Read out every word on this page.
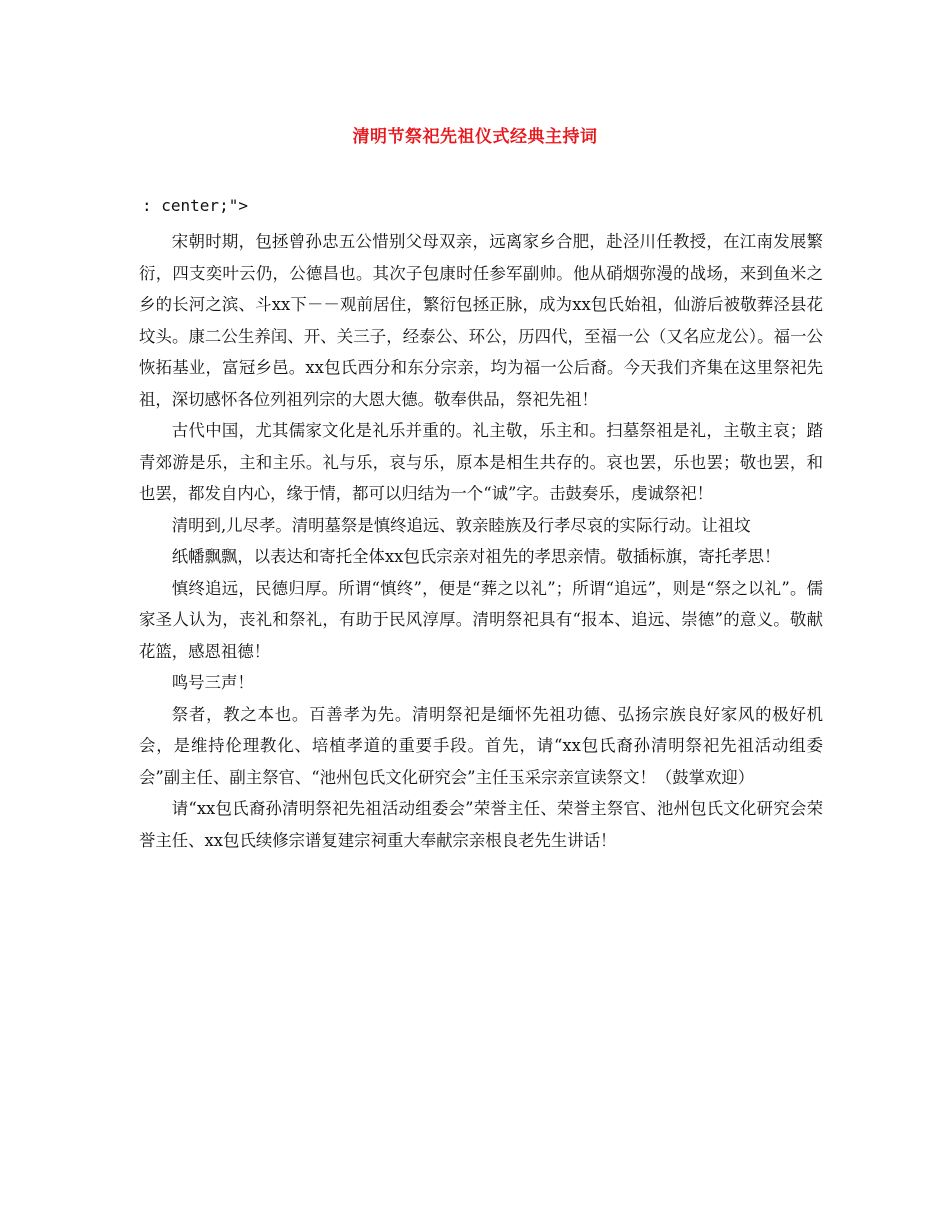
清明节祭祀先祖仪式经典主持词
: center;">

宋朝时期，包拯曾孙忠五公惜别父母双亲，远离家乡合肥，赴泾川任教授，在江南发展繁衍，四支奕叶云仍，公德昌也。其次子包康时任参军副帅。他从硝烟弥漫的战场，来到鱼米之乡的长河之滨、斗xx下－－观前居住，繁衍包拯正脉，成为xx包氏始祖，仙游后被敬葬泾县花坟头。康二公生养闰、开、关三子，经泰公、环公，历四代，至福一公（又名应龙公）。福一公恢拓基业，富冠乡邑。xx包氏西分和东分宗亲，均为福一公后裔。今天我们齐集在这里祭祀先祖，深切感怀各位列祖列宗的大恩大德。敬奉供品，祭祀先祖！

古代中国，尤其儒家文化是礼乐并重的。礼主敬，乐主和。扫墓祭祖是礼，主敬主哀；踏青郊游是乐，主和主乐。礼与乐，哀与乐，原本是相生共存的。哀也罢，乐也罢；敬也罢，和也罢，都发自内心，缘于情，都可以归结为一个“诚”字。击鼓奏乐，虔诚祭祀！

清明到,儿尽孝。清明墓祭是慎终追远、敦亲睦族及行孝尽哀的实际行动。让祖坟

纸幡飘飘，以表达和寄托全体xx包氏宗亲对祖先的孝思亲情。敬插标旗，寄托孝思！

慎终追远，民德归厚。所谓“慎终”，便是“葬之以礼”；所谓“追远”，则是“祭之以礼”。儒家圣人认为，丧礼和祭礼，有助于民风淳厚。清明祭祀具有“报本、追远、崇德”的意义。敬献花篮，感恩祖德！

鸣号三声！

祭者，教之本也。百善孝为先。清明祭祀是缅怀先祖功德、弘扬宗族良好家风的极好机会，是维持伦理教化、培植孝道的重要手段。首先，请“xx包氏裔孙清明祭祀先祖活动组委会”副主任、副主祭官、“池州包氏文化研究会”主任玉采宗亲宣读祭文！（鼓掌欢迎）

请“xx包氏裔孙清明祭祀先祖活动组委会”荣誉主任、荣誉主祭官、池州包氏文化研究会荣誉主任、xx包氏续修宗谱复建宗祠重大奉献宗亲根良老先生讲话！
